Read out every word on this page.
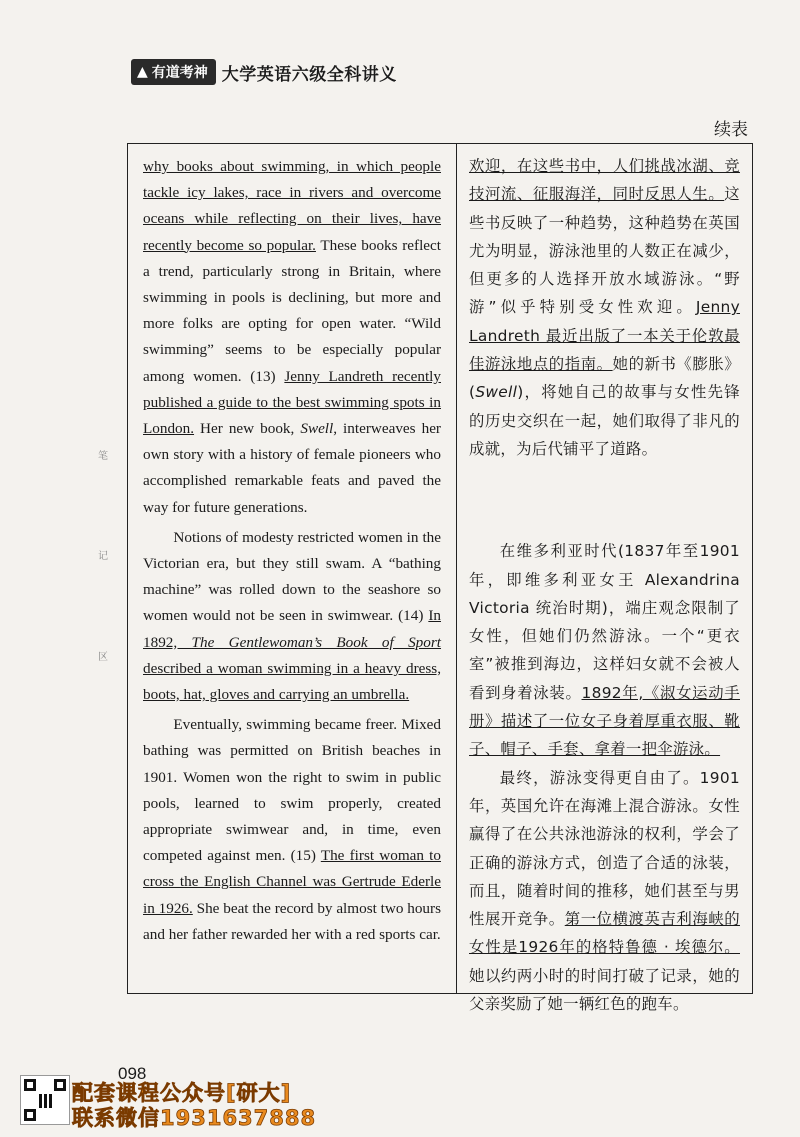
▲ 有道考神 大学英语六级全科讲义
续表
笔
记
区

why books about swimming, in which people tackle icy lakes, race in rivers and overcome oceans while reflecting on their lives, have recently become so popular. These books reflect a trend, particularly strong in Britain, where swimming in pools is declining, but more and more folks are opting for open water. “Wild swimming” seems to be especially popular among women. (13) Jenny Landreth recently published a guide to the best swimming spots in London. Her new book, Swell, interweaves her own story with a history of female pioneers who accomplished remarkable feats and paved the way for future generations.

Notions of modesty restricted women in the Victorian era, but they still swam. A “bathing machine” was rolled down to the seashore so women would not be seen in swimwear. (14) In 1892, The Gentlewoman’s Book of Sport described a woman swimming in a heavy dress, boots, hat, gloves and carrying an umbrella.

Eventually, swimming became freer. Mixed bathing was permitted on British beaches in 1901. Women won the right to swim in public pools, learned to swim properly, created appropriate swimwear and, in time, even competed against men. (15) The first woman to cross the English Channel was Gertrude Ederle in 1926. She beat the record by almost two hours and her father rewarded her with a red sports car.

欢迎，在这些书中，人们挑战冰湖、竞技河流、征服海洋，同时反思人生。这些书反映了一种趋势，这种趋势在英国尤为明显，游泳池里的人数正在减少，但更多的人选择开放水域游泳。“野游”似乎特别受女性欢迎。Jenny Landreth 最近出版了一本关于伦敦最佳游泳地点的指南。她的新书《膨胀》(Swell)，将她自己的故事与女性先锋的历史交织在一起，她们取得了非凡的成就，为后代铺平了道路。

在维多利亚时代(1837年至1901年，即维多利亚女王 Alexandrina Victoria 统治时期)，端庄观念限制了女性，但她们仍然游泳。一个“更衣室”被推到海边，这样妇女就不会被人看到身着泳装。1892年,《淑女运动手册》描述了一位女子身着厚重衣服、靴子、帽子、手套、拿着一把伞游泳。

最终，游泳变得更自由了。1901年，英国允许在海滩上混合游泳。女性赢得了在公共泳池游泳的权利，学会了正确的游泳方式，创造了合适的泳装，而且，随着时间的推移，她们甚至与男性展开竞争。第一位横渡英吉利海峡的女性是1926年的格特鲁德 · 埃德尔。她以约两小时的时间打破了记录，她的父亲奖励了她一辆红色的跑车。

098
配套课程公众号[研大]
联系微信1931637888
